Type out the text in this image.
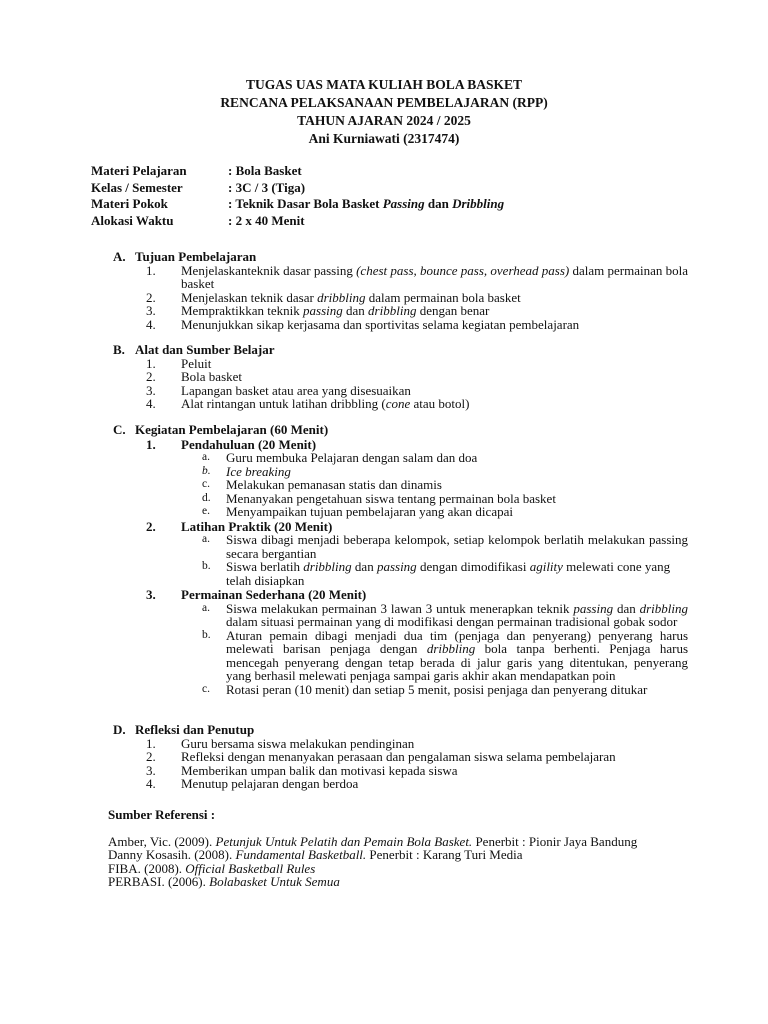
TUGAS UAS MATA KULIAH BOLA BASKET
RENCANA PELAKSANAAN PEMBELAJARAN (RPP)
TAHUN AJARAN 2024 / 2025
Ani Kurniawati (2317474)
Materi Pelajaran	: Bola Basket
Kelas / Semester	: 3C / 3 (Tiga)
Materi Pokok	: Teknik Dasar Bola Basket Passing dan Dribbling
Alokasi Waktu	: 2 x 40 Menit
A. Tujuan Pembelajaran
1.	Menjelaskanteknik dasar passing (chest pass, bounce pass, overhead pass) dalam permainan bola basket
2.	Menjelaskan teknik dasar dribbling dalam permainan bola basket
3.	Mempraktikkan teknik passing dan dribbling dengan benar
4.	Menunjukkan sikap kerjasama dan sportivitas selama kegiatan pembelajaran
B. Alat dan Sumber Belajar
1.	Peluit
2.	Bola basket
3.	Lapangan basket atau area yang disesuaikan
4.	Alat rintangan untuk latihan dribbling (cone atau botol)
C. Kegiatan Pembelajaran (60 Menit)
1.	Pendahuluan (20 Menit)
a.	Guru membuka Pelajaran dengan salam dan doa
b.	Ice breaking
c.	Melakukan pemanasan statis dan dinamis
d.	Menanyakan pengetahuan siswa tentang permainan bola basket
e.	Menyampaikan tujuan pembelajaran yang akan dicapai
2.	Latihan Praktik (20 Menit)
a.	Siswa dibagi menjadi beberapa kelompok, setiap kelompok berlatih melakukan passing secara bergantian
b.	Siswa berlatih dribbling dan passing dengan dimodifikasi agility melewati cone yang telah disiapkan
3.	Permainan Sederhana (20 Menit)
a.	Siswa melakukan permainan 3 lawan 3 untuk menerapkan teknik passing dan dribbling dalam situasi permainan yang di modifikasi dengan permainan tradisional gobak sodor
b.	Aturan pemain dibagi menjadi dua tim (penjaga dan penyerang) penyerang harus melewati barisan penjaga dengan dribbling bola tanpa berhenti. Penjaga harus mencegah penyerang dengan tetap berada di jalur garis yang ditentukan, penyerang yang berhasil melewati penjaga sampai garis akhir akan mendapatkan poin
c.	Rotasi peran (10 menit) dan setiap 5 menit, posisi penjaga dan penyerang ditukar
D. Refleksi dan Penutup
1.	Guru bersama siswa melakukan pendinginan
2.	Refleksi dengan menanyakan perasaan dan pengalaman siswa selama pembelajaran
3.	Memberikan umpan balik dan motivasi kepada siswa
4.	Menutup pelajaran dengan berdoa
Sumber Referensi :
Amber, Vic. (2009). Petunjuk Untuk Pelatih dan Pemain Bola Basket. Penerbit : Pionir Jaya Bandung
Danny Kosasih. (2008). Fundamental Basketball. Penerbit : Karang Turi Media
FIBA. (2008). Official Basketball Rules
PERBASI. (2006). Bolabasket Untuk Semua
